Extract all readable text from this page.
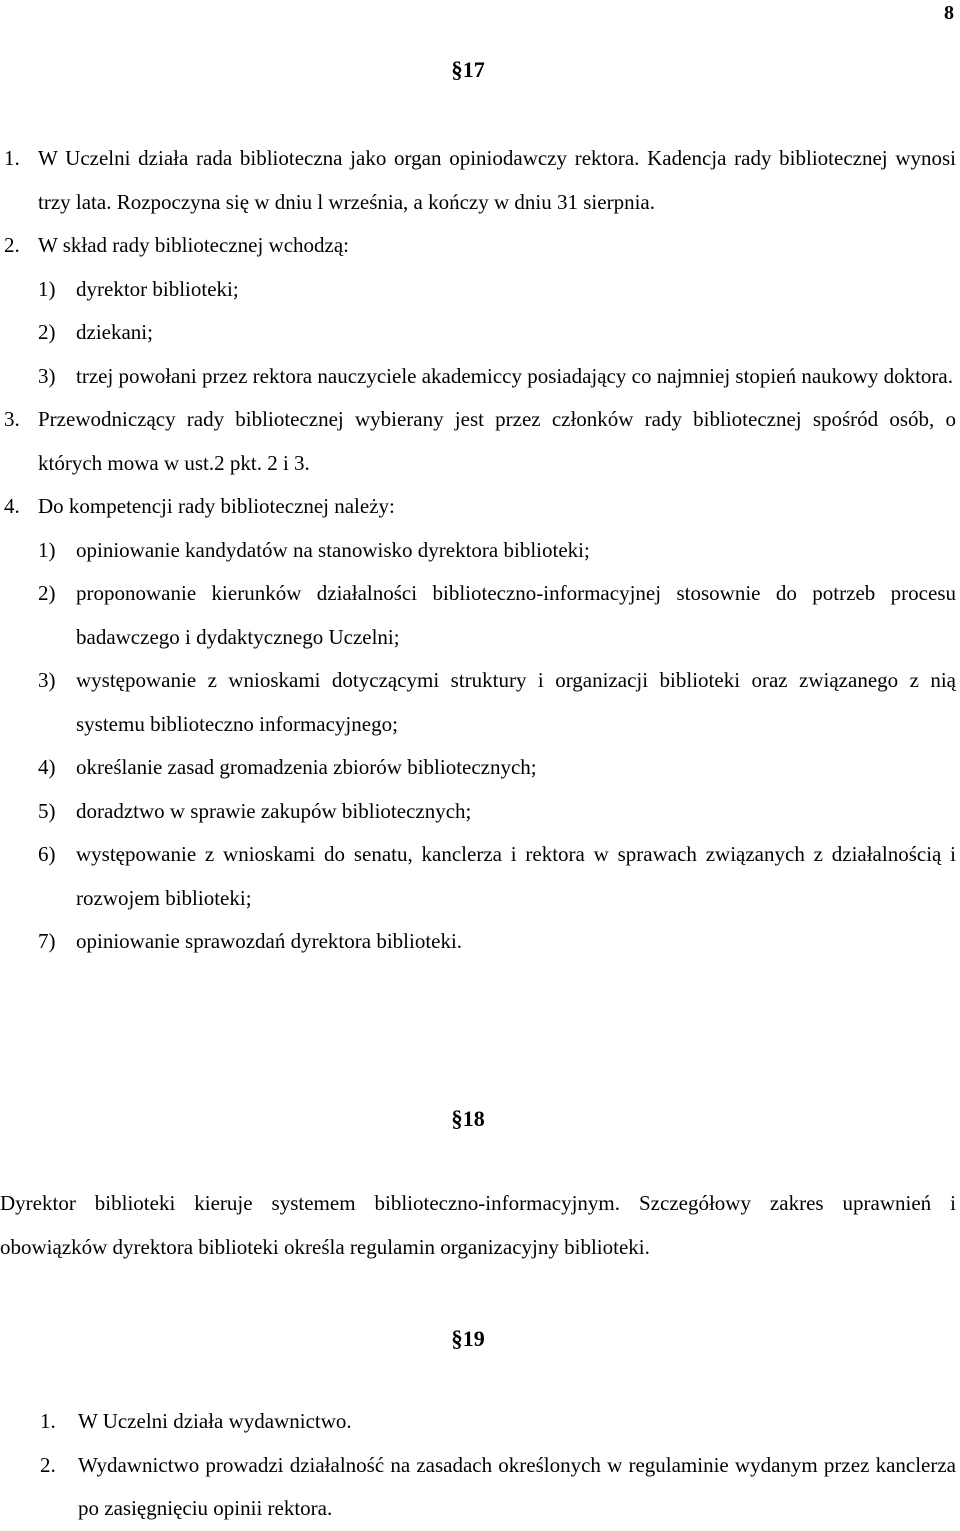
8
§17

1. W Uczelni działa rada biblioteczna jako organ opiniodawczy rektora. Kadencja rady bibliotecznej wynosi trzy lata. Rozpoczyna się w dniu l września, a kończy w dniu 31 sierpnia.

2. W skład rady bibliotecznej wchodzą:

1) dyrektor biblioteki;

2) dziekani;

3) trzej powołani przez rektora nauczyciele akademiccy posiadający co najmniej stopień naukowy doktora.

3. Przewodniczący rady bibliotecznej wybierany jest przez członków rady bibliotecznej spośród osób, o których mowa w ust.2 pkt. 2 i 3.

4. Do kompetencji rady bibliotecznej należy:

1) opiniowanie kandydatów na stanowisko dyrektora biblioteki;

2) proponowanie kierunków działalności biblioteczno-informacyjnej stosownie do potrzeb procesu badawczego i dydaktycznego Uczelni;

3) występowanie z wnioskami dotyczącymi struktury i organizacji biblioteki oraz związanego z nią systemu biblioteczno informacyjnego;

4) określanie zasad gromadzenia zbiorów bibliotecznych;

5) doradztwo w sprawie zakupów bibliotecznych;

6) występowanie z wnioskami do senatu, kanclerza i rektora w sprawach związanych z działalnością i rozwojem biblioteki;

7) opiniowanie sprawozdań dyrektora biblioteki.

§18

Dyrektor biblioteki kieruje systemem biblioteczno-informacyjnym. Szczegółowy zakres uprawnień i obowiązków dyrektora biblioteki określa regulamin organizacyjny biblioteki.

§19

1. W Uczelni działa wydawnictwo.

2. Wydawnictwo prowadzi działalność na zasadach określonych w regulaminie wydanym przez kanclerza po zasięgnięciu opinii rektora.
